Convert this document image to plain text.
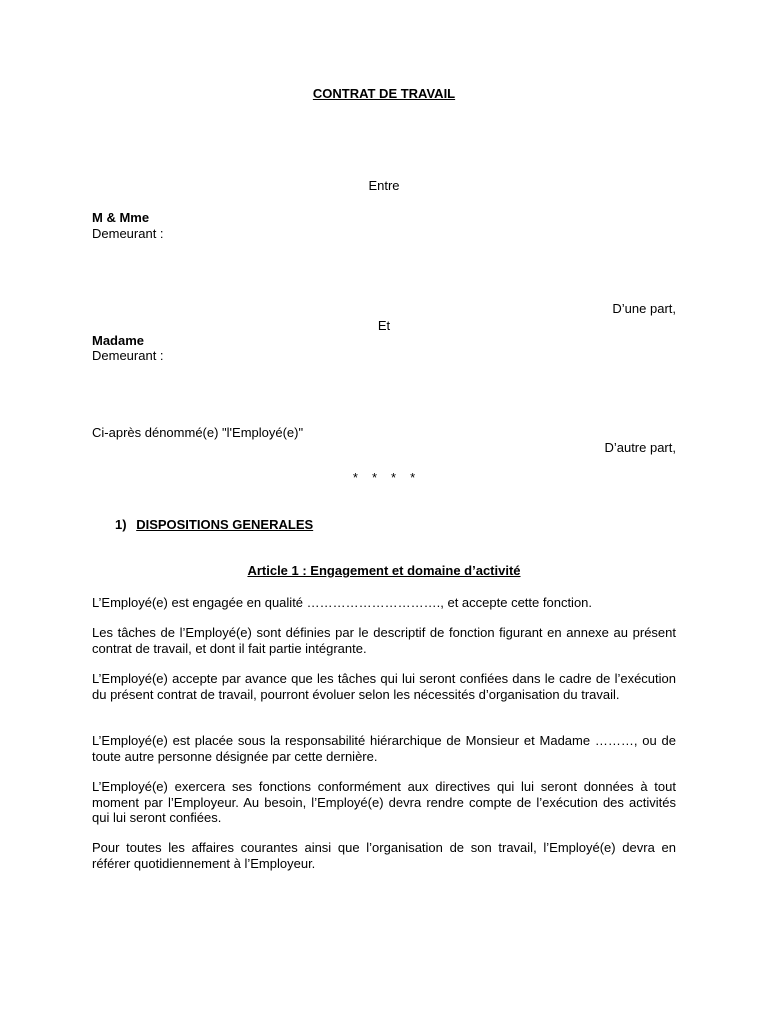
CONTRAT DE TRAVAIL
Entre
M & Mme
Demeurant :
D’une part,
Et
Madame
Demeurant :
Ci-après dénommé(e) "l'Employé(e)"
D’autre part,
* * * *
1) DISPOSITIONS GENERALES
Article 1 : Engagement et domaine d’activité
L’Employé(e) est engagée en qualité …………………………., et accepte cette fonction.
Les tâches de l’Employé(e) sont définies par le descriptif de fonction figurant en annexe au présent contrat de travail, et dont il fait partie intégrante.
L’Employé(e) accepte par avance que les tâches qui lui seront confiées dans le cadre de l’exécution du présent contrat de travail, pourront évoluer selon les nécessités d’organisation du travail.
L’Employé(e) est placée sous la responsabilité hiérarchique de Monsieur et Madame ………, ou de toute autre personne désignée par cette dernière.
L’Employé(e) exercera ses fonctions conformément aux directives qui lui seront données à tout moment par l’Employeur. Au besoin, l’Employé(e) devra rendre compte de l’exécution des activités qui lui seront confiées.
Pour toutes les affaires courantes ainsi que l’organisation de son travail, l’Employé(e) devra en référer quotidiennement à l’Employeur.
